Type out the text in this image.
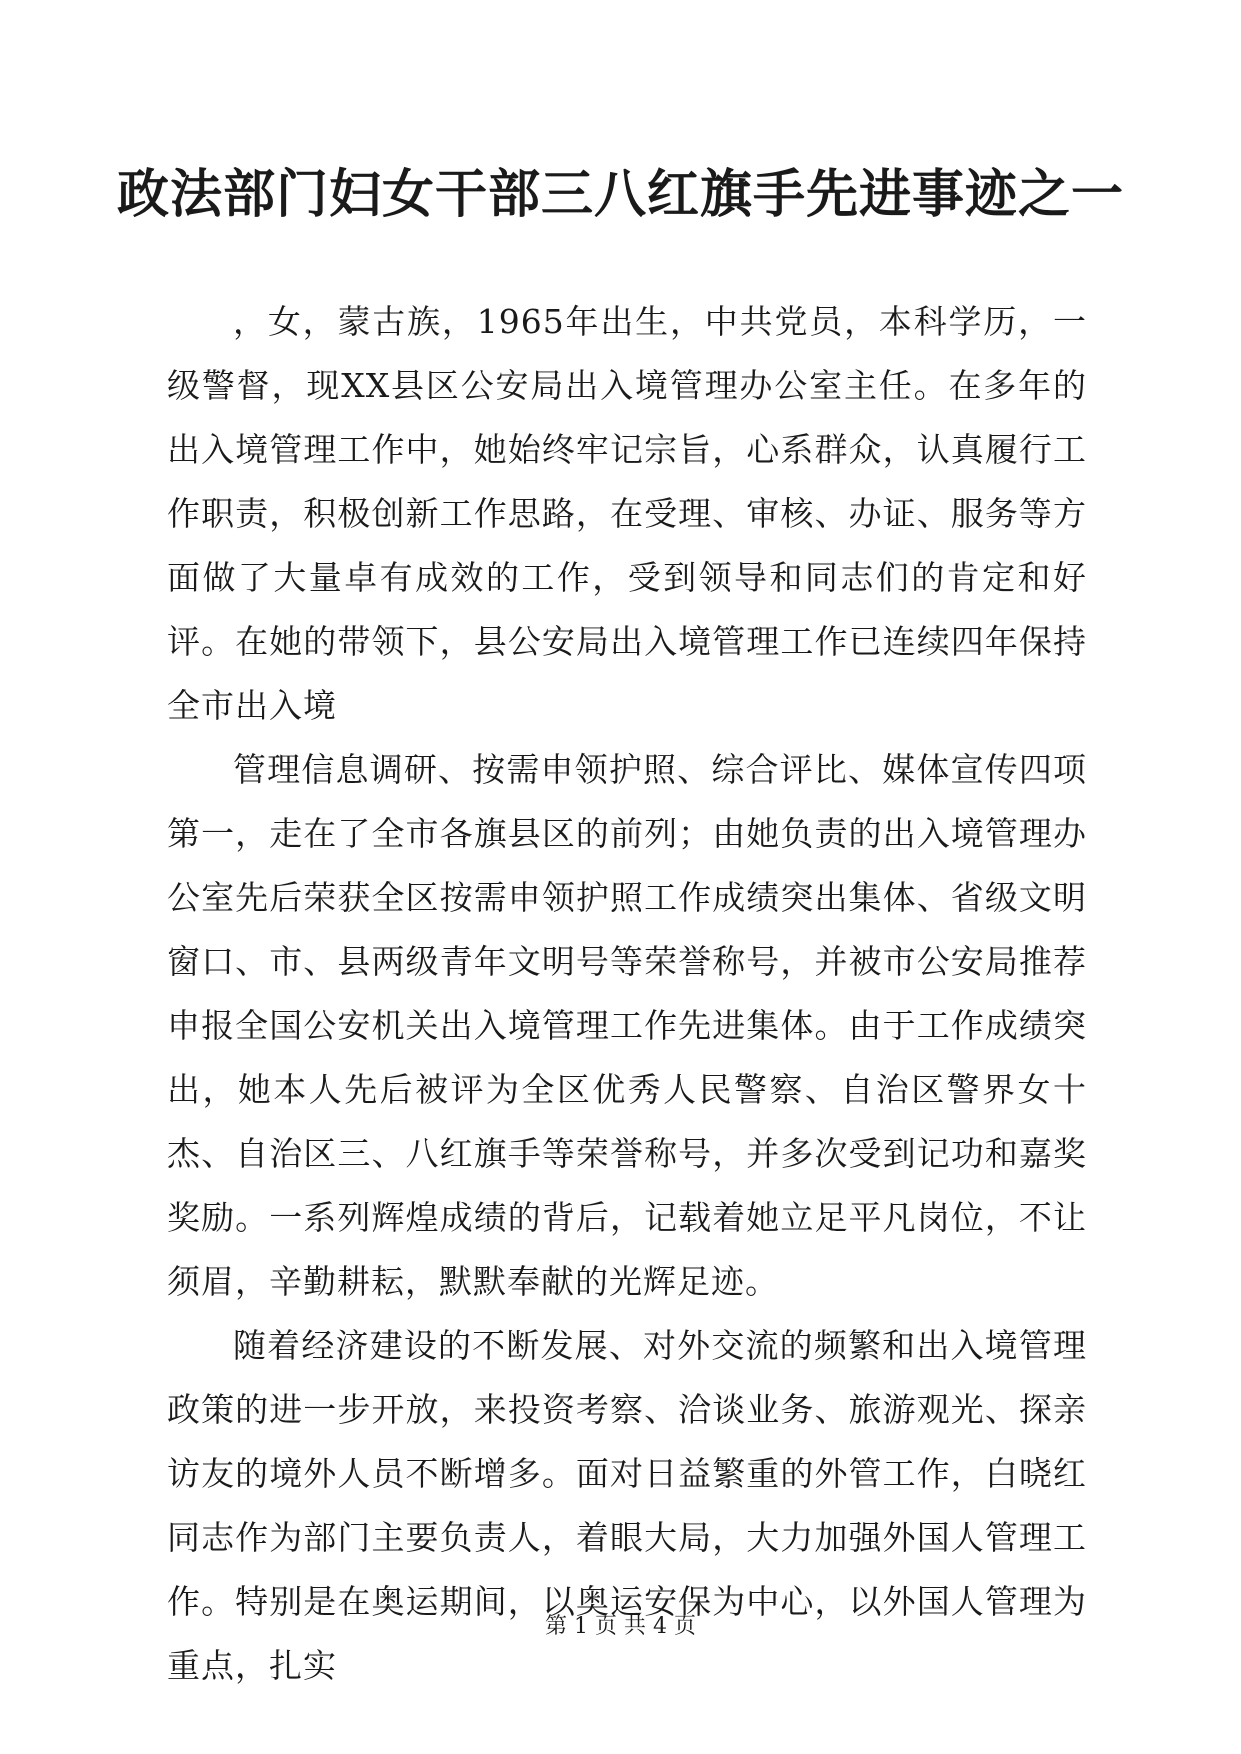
政法部门妇女干部三八红旗手先进事迹之一

，女，蒙古族，1965年出生，中共党员，本科学历，一级警督，现XX县区公安局出入境管理办公室主任。在多年的出入境管理工作中，她始终牢记宗旨，心系群众，认真履行工作职责，积极创新工作思路，在受理、审核、办证、服务等方面做了大量卓有成效的工作，受到领导和同志们的肯定和好评。在她的带领下，县公安局出入境管理工作已连续四年保持全市出入境

管理信息调研、按需申领护照、综合评比、媒体宣传四项第一，走在了全市各旗县区的前列；由她负责的出入境管理办公室先后荣获全区按需申领护照工作成绩突出集体、省级文明窗口、市、县两级青年文明号等荣誉称号，并被市公安局推荐申报全国公安机关出入境管理工作先进集体。由于工作成绩突出，她本人先后被评为全区优秀人民警察、自治区警界女十杰、自治区三、八红旗手等荣誉称号，并多次受到记功和嘉奖奖励。一系列辉煌成绩的背后，记载着她立足平凡岗位，不让须眉，辛勤耕耘，默默奉献的光辉足迹。

随着经济建设的不断发展、对外交流的频繁和出入境管理政策的进一步开放，来投资考察、洽谈业务、旅游观光、探亲访友的境外人员不断增多。面对日益繁重的外管工作，白晓红同志作为部门主要负责人，着眼大局，大力加强外国人管理工作。特别是在奥运期间，以奥运安保为中心，以外国人管理为重点，扎实

第 1 页 共 4 页
